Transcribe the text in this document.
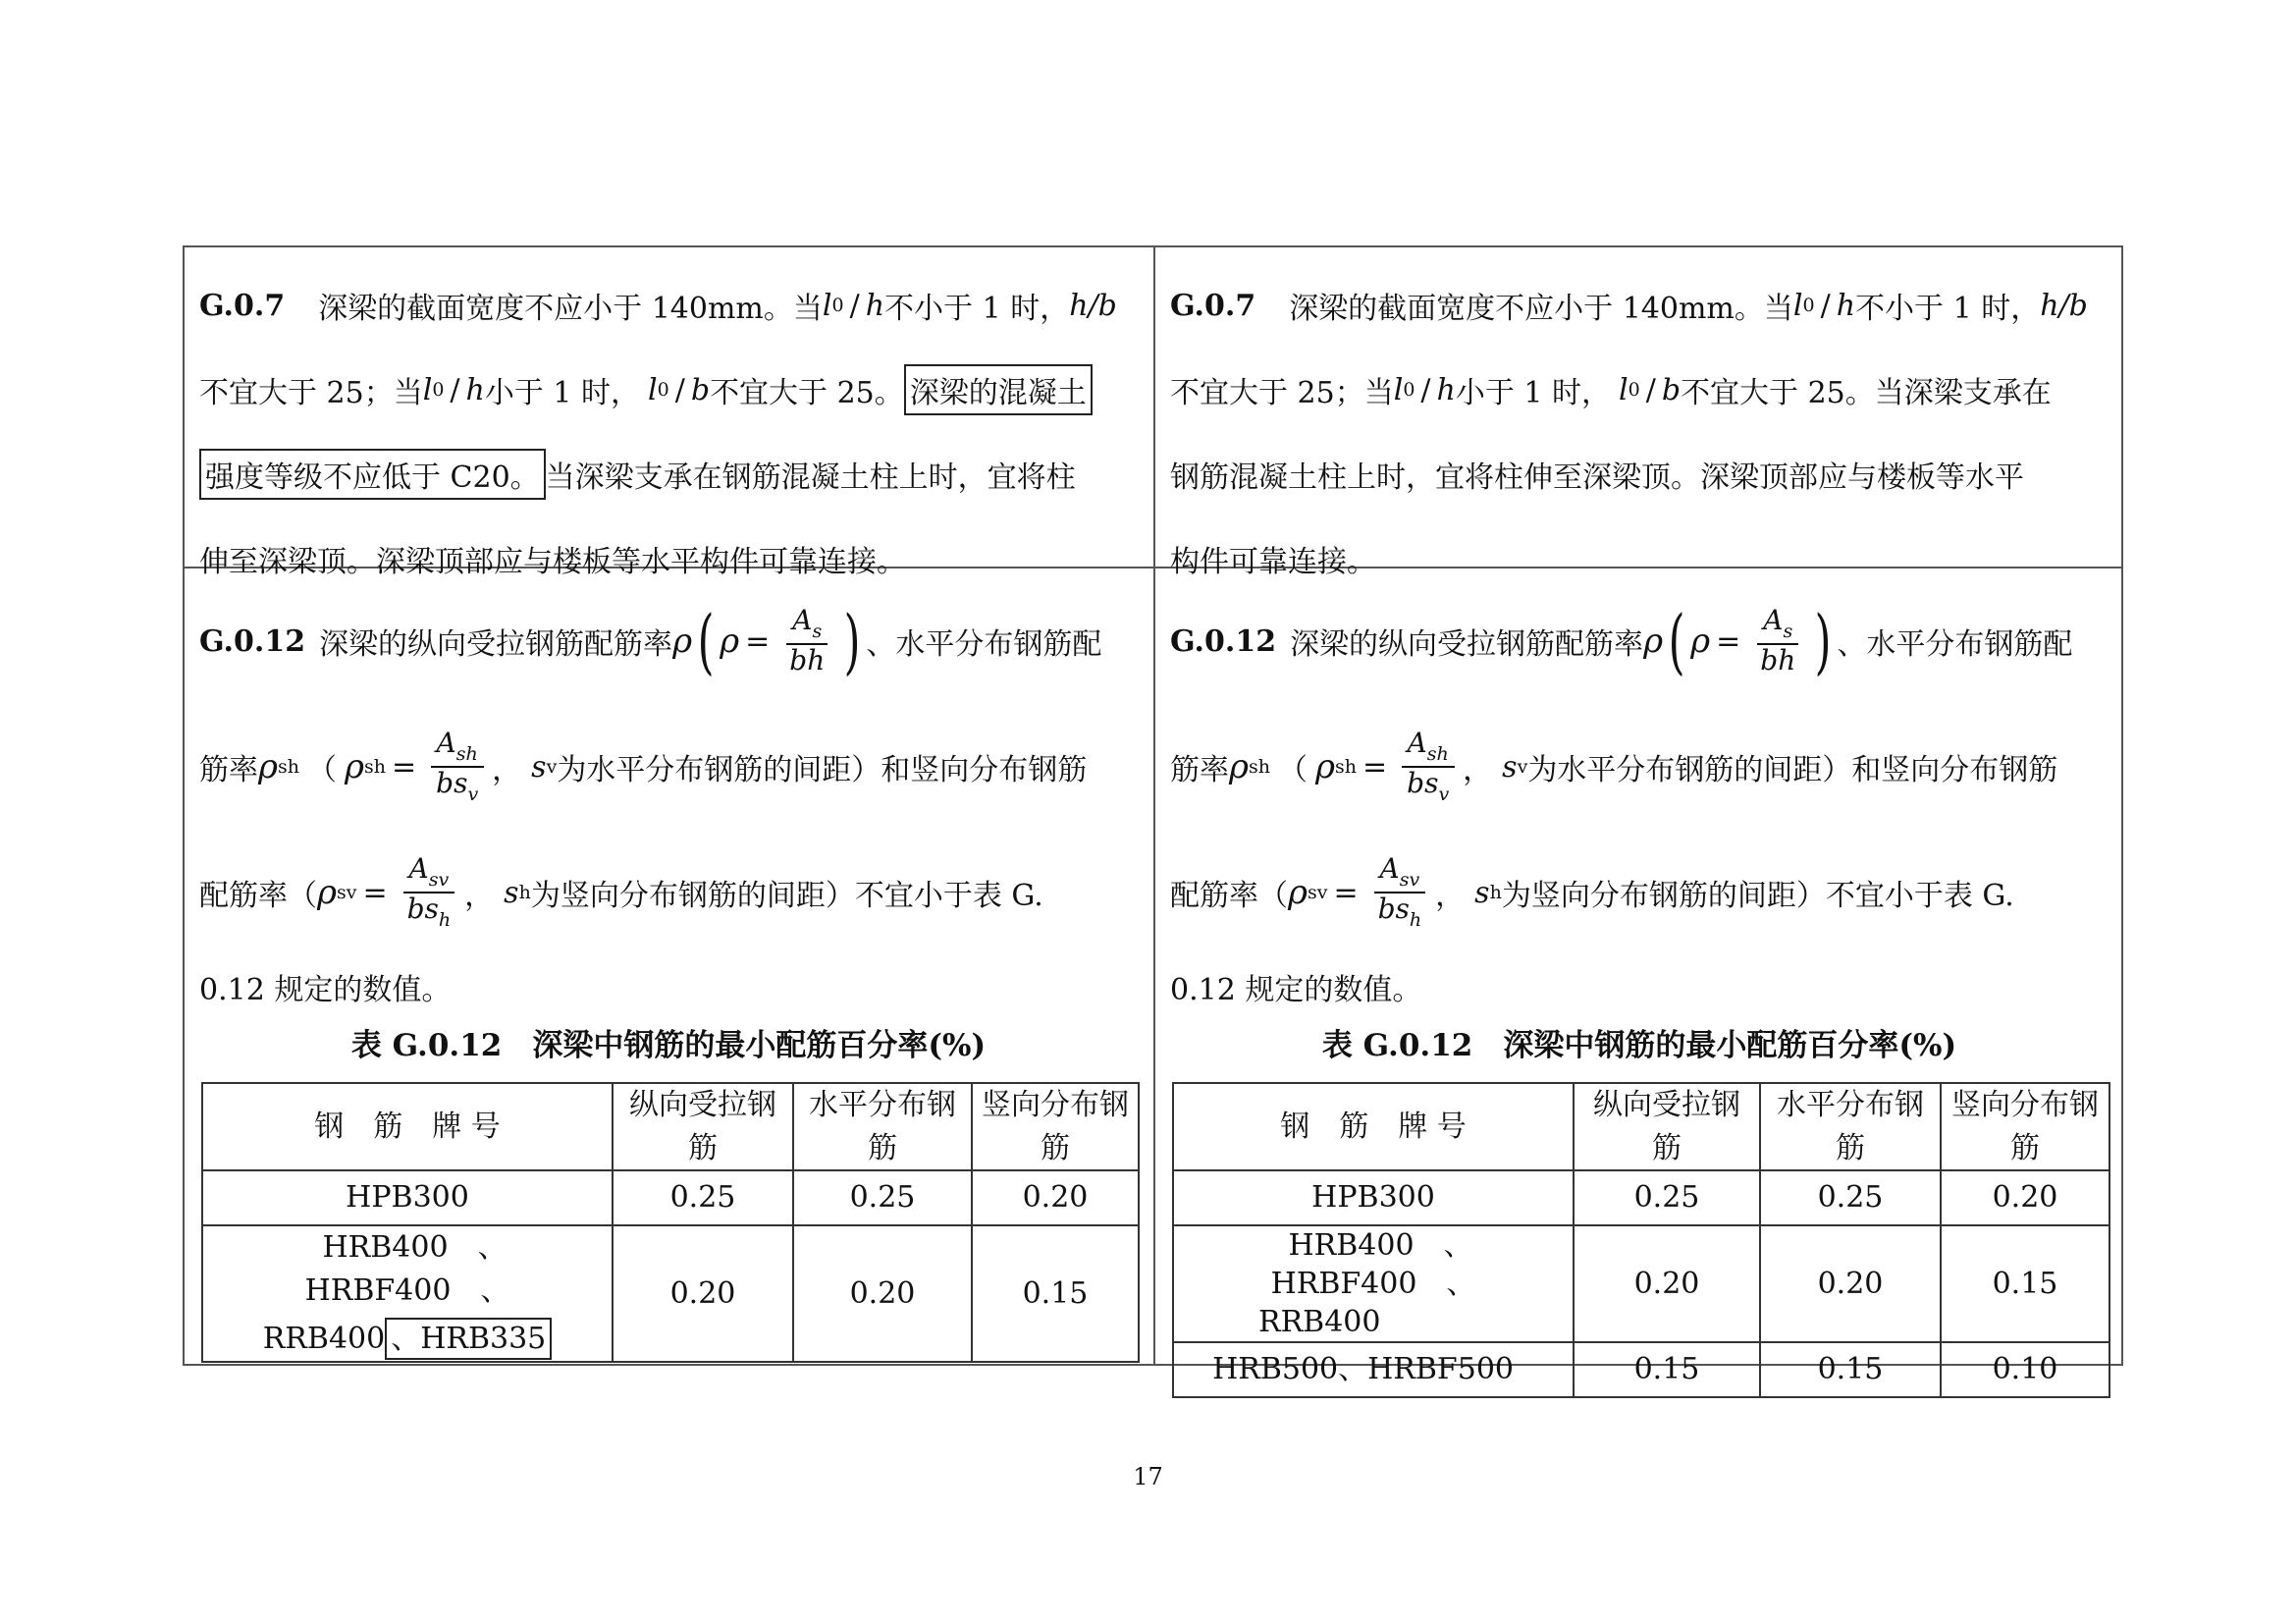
G.0.7 深梁的截面宽度不应小于 140mm。当 l 0 / h 不小于 1 时， h/b
不宜大于 25；当 l 0 / h 小于 1 时， l 0 / b 不宜大于 25。 深梁的混凝土
强度等级不应低于 C20。 当深梁支承在钢筋混凝土柱上时，宜将柱
伸至深梁顶。深梁顶部应与楼板等水平构件可靠连接。
G.0.7 深梁的截面宽度不应小于 140mm。当 l 0 / h 不小于 1 时， h/b
不宜大于 25；当 l 0 / h 小于 1 时， l 0 / b 不宜大于 25。当深梁支承在
钢筋混凝土柱上时，宜将柱伸至深梁顶。深梁顶部应与楼板等水平
构件可靠连接。
G.0.12 深梁的纵向受拉钢筋配筋率 ρ ( $\rho = \frac{A_s}{bh}$ ) 、水平分布钢筋配
筋率 ρ sh （ ρ sh = $\frac{A_{sh}}{bs_v}$ ， s v 为水平分布钢筋的间距）和竖向分布钢筋
配筋率（ ρ sv = $\frac{A_{sv}}{bs_h}$ ， s h 为竖向分布钢筋的间距）不宜小于表 G.
0.12 规定的数值。
表 G.0.12　深梁中钢筋的最小配筋百分率(%)
钢　筋　牌 号	纵向受拉钢筋	水平分布钢筋	竖向分布钢筋
HPB300	0.25	0.25	0.20

HRB400　、　HRBF400　、
RRB400 、HRB335	0.20	0.20	0.15
G.0.12 深梁的纵向受拉钢筋配筋率 ρ ( $\rho = \frac{A_s}{bh}$ ) 、水平分布钢筋配
筋率 ρ sh （ ρ sh = $\frac{A_{sh}}{bs_v}$ ， s v 为水平分布钢筋的间距）和竖向分布钢筋
配筋率（ ρ sv = $\frac{A_{sv}}{bs_h}$ ， s h 为竖向分布钢筋的间距）不宜小于表 G.
0.12 规定的数值。
表 G.0.12　深梁中钢筋的最小配筋百分率(%)
钢　筋　牌 号	纵向受拉钢筋	水平分布钢筋	竖向分布钢筋
HPB300	0.25	0.25	0.20

HRB400　、　HRBF400　、
RRB400	0.20	0.20	0.15
HRB500、HRBF500	0.15	0.15	0.10
17
